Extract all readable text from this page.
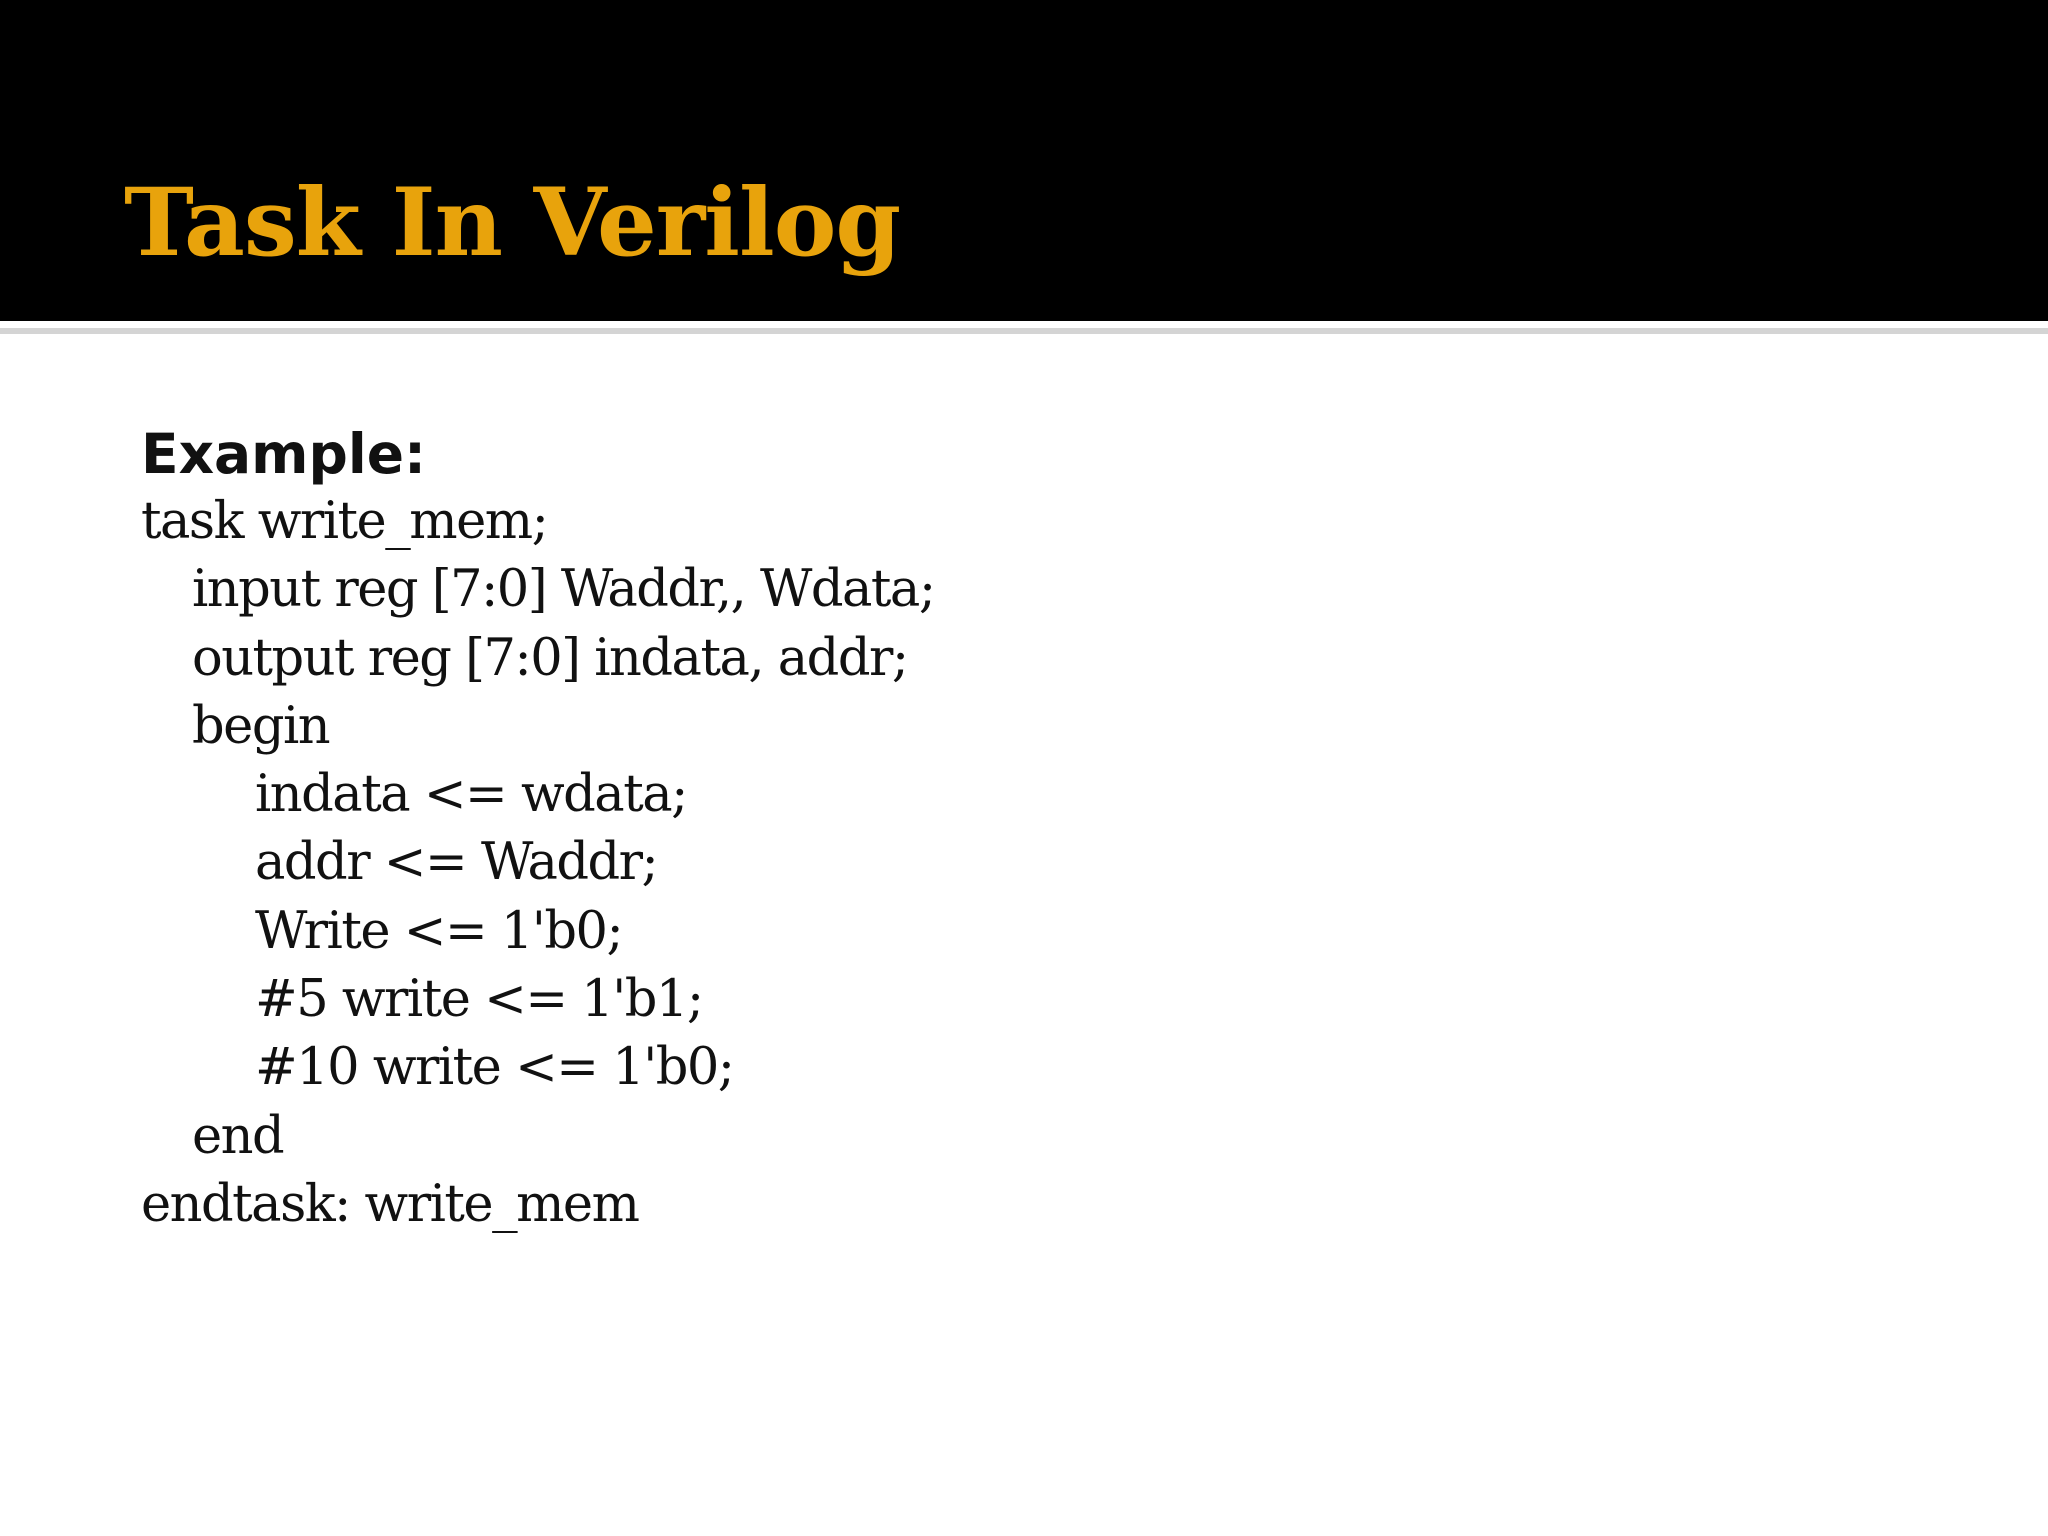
Task In Verilog
Example:
task write_mem;
input reg [7:0] Waddr,, Wdata;
output reg [7:0] indata, addr;
begin
indata <= wdata;
addr <= Waddr;
Write <= 1'b0;
#5 write <= 1'b1;
#10 write <= 1'b0;
end
endtask: write_mem
